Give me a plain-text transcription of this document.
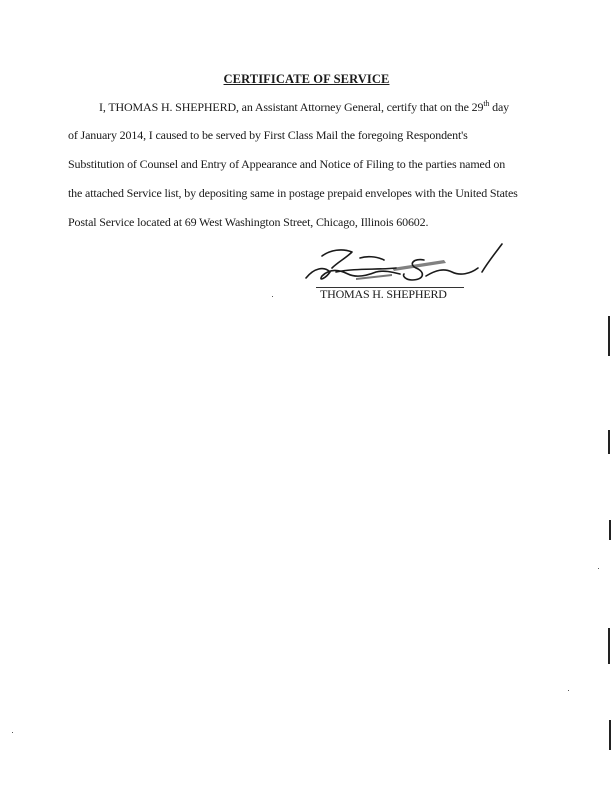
CERTIFICATE OF SERVICE
I, THOMAS H. SHEPHERD, an Assistant Attorney General, certify that on the 29th day
of January 2014, I caused to be served by First Class Mail the foregoing Respondent's
Substitution of Counsel and Entry of Appearance and Notice of Filing to the parties named on
the attached Service list, by depositing same in postage prepaid envelopes with the United States
Postal Service located at 69 West Washington Street, Chicago, Illinois 60602.
THOMAS H. SHEPHERD
